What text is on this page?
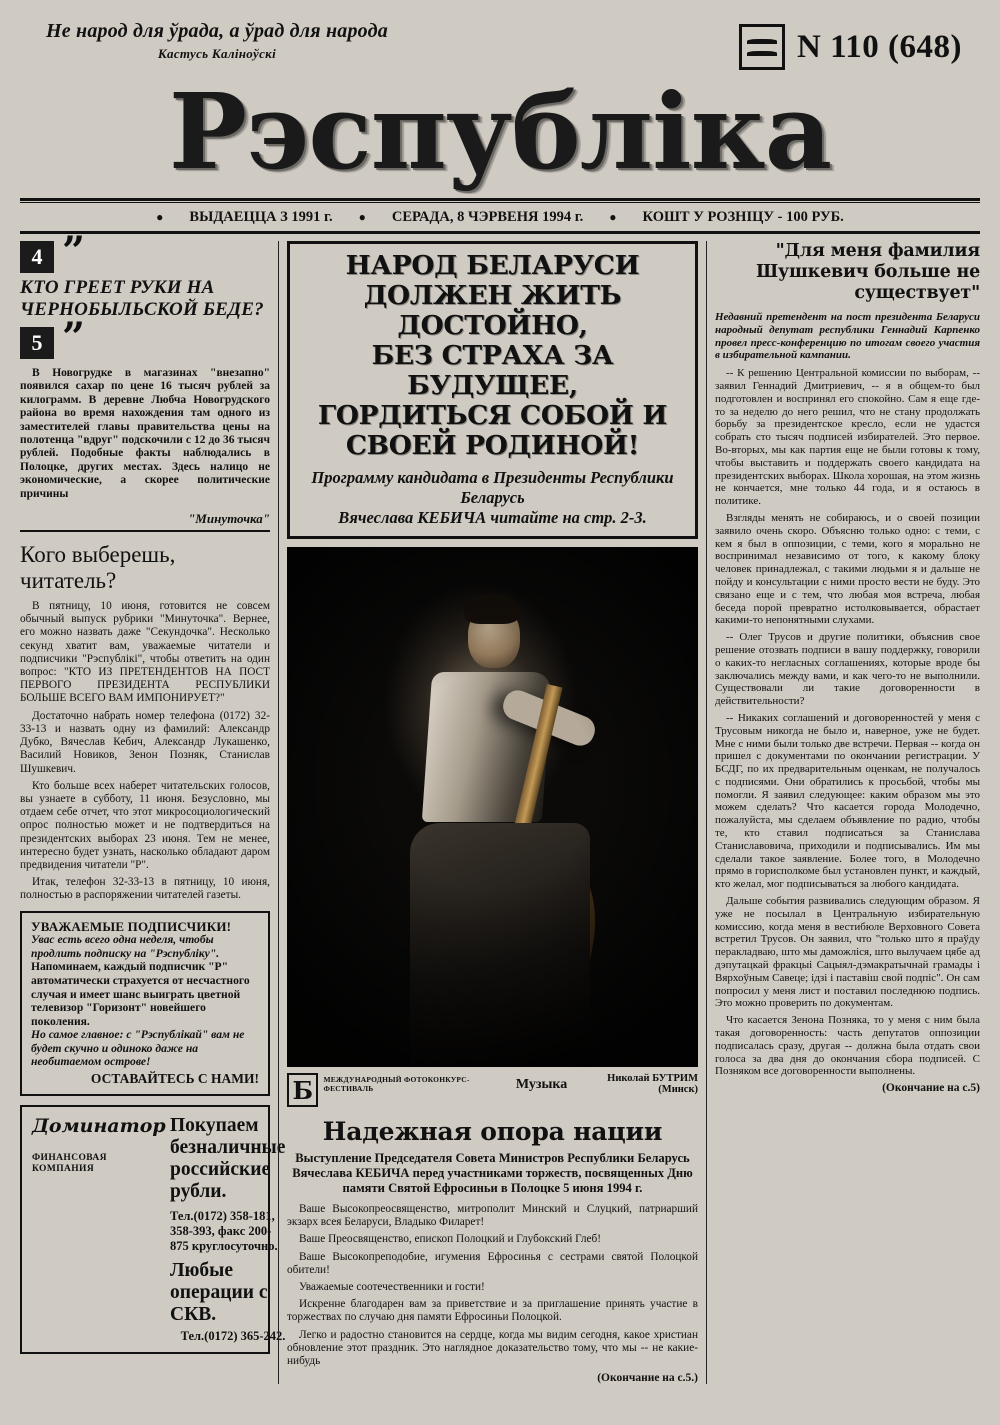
Не народ для ўрада, а ўрад для народа
Кастусь Каліноўскі	N 110 (648)
Рэспубліка
● ВЫДАЕЦЦА З 1991 г. ● СЕРАДА, 8 ЧЭРВЕНЯ 1994 г. ● КОШТ У РОЗНІЦУ - 100 РУБ.
4 ”
КТО ГРЕЕТ РУКИ НА ЧЕРНОБЫЛЬСКОЙ БЕДЕ?
5 ”
В Новогрудке в магазинах "внезапно" появился сахар по цене 16 тысяч рублей за килограмм. В деревне Любча Новогрудского района во время нахождения там одного из заместителей главы правительства цены на полотенца "вдруг" подскочили с 12 до 36 тысяч рублей. Подобные факты наблюдались в Полоцке, других местах. Здесь налицо не экономические, а скорее политические причины
"Минуточка"
Кого выберешь, читатель?

В пятницу, 10 июня, готовится не совсем обычный выпуск рубрики "Минуточка". Вернее, его можно назвать даже "Секундочка". Несколько секунд хватит вам, уважаемые читатели и подписчики "Рэспублікі", чтобы ответить на один вопрос: "КТО ИЗ ПРЕТЕНДЕНТОВ НА ПОСТ ПЕРВОГО ПРЕЗИДЕНТА РЕСПУБЛИКИ БОЛЬШЕ ВСЕГО ВАМ ИМПОНИРУЕТ?"

Достаточно набрать номер телефона (0172) 32-33-13 и назвать одну из фамилий: Александр Дубко, Вячеслав Кебич, Александр Лукашенко, Василий Новиков, Зенон Позняк, Станислав Шушкевич.

Кто больше всех наберет читательских голосов, вы узнаете в субботу, 11 июня. Безусловно, мы отдаем себе отчет, что этот микросоциологический опрос полностью может и не подтвердиться на президентских выборах 23 июня. Тем не менее, интересно будет узнать, насколько обладают даром предвидения читатели "Р".

Итак, телефон 32-33-13 в пятницу, 10 июня, полностью в распоряжении читателей газеты.

УВАЖАЕМЫЕ ПОДПИСЧИКИ!
Увас есть всего одна неделя, чтобы продлить подписку на "Рэспубліку".
Напоминаем, каждый подписчик "Р" автоматически страхуется от несчастного случая и имеет шанс выиграть цветной телевизор "Горизонт" новейшего поколения.
Но самое главное: с "Рэспублікай" вам не будет скучно и одиноко даже на необитаемом острове!
ОСТАВАЙТЕСЬ С НАМИ!
Доминатор
ФИНАНСОВАЯ КОМПАНИЯ
Покупаем безналичные российские рубли.
Тел.(0172) 358-181, 358-393, факс 200-875 круглосуточно.
Любые операции с СКВ.
Тел.(0172) 365-242.
НАРОД БЕЛАРУСИ ДОЛЖЕН ЖИТЬ ДОСТОЙНО,
БЕЗ СТРАХА ЗА БУДУЩЕЕ,
ГОРДИТЬСЯ СОБОЙ И СВОЕЙ РОДИНОЙ!
Программу кандидата в Президенты Республики Беларусь
Вячеслава КЕБИЧА читайте на стр. 2-3.
Б	МЕЖДУНАРОДНЫЙ ФОТОКОНКУРС-ФЕСТИВАЛЬ	Музыка	Николай БУТРИМ (Минск)
Надежная опора нации
Выступление Председателя Совета Министров Республики Беларусь Вячеслава КЕБИЧА перед участниками торжеств, посвященных Дню памяти Святой Ефросиньи в Полоцке 5 июня 1994 г.

Ваше Высокопреосвященство, митрополит Минский и Слуцкий, патриарший экзарх всея Беларуси, Владыко Филарет!

Ваше Преосвященство, епископ Полоцкий и Глубокский Глеб!

Ваше Высокопреподобие, игумения Ефросинья с сестрами святой Полоцкой обители!

Уважаемые соотечественники и гости!

Искренне благодарен вам за приветствие и за приглашение принять участие в торжествах по случаю дня памяти Ефросиньи Полоцкой.

Легко и радостно становится на сердце, когда мы видим сегодня, какое христиан обновление этот праздник. Это наглядное доказательство тому, что мы -- не какие-нибудь

(Окончание на с.5.)
"Для меня фамилия Шушкевич больше не существует"
Недавний претендент на пост президента Беларуси народный депутат республики Геннадий Карпенко провел пресс-конференцию по итогам своего участия в избирательной кампании.

-- К решению Центральной комиссии по выборам, -- заявил Геннадий Дмитриевич, -- я в общем-то был подготовлен и воспринял его спокойно. Сам я еще где-то за неделю до него решил, что не стану продолжать борьбу за президентское кресло, если не удастся собрать сто тысяч подписей избирателей. Это первое. Во-вторых, мы как партия еще не были готовы к тому, чтобы выставить и поддержать своего кандидата на президентских выборах. Школа хорошая, на этом жизнь не кончается, мне только 44 года, и я остаюсь в политике.

Взгляды менять не собираюсь, и о своей позиции заявило очень скоро. Объясню только одно: с теми, с кем я был в оппозиции, с теми, кого я морально не воспринимал независимо от того, к какому блоку человек принадлежал, с такими людьми я и дальше не пойду и консультации с ними просто вести не буду. Это связано еще и с тем, что любая моя встреча, любая беседа порой превратно истолковывается, обрастает какими-то непонятными слухами.

-- Олег Трусов и другие политики, объяснив свое решение отозвать подписи в вашу поддержку, говорили о каких-то негласных соглашениях, которые вроде бы заключались между вами, и как чего-то не выполнили. Существовали ли такие договоренности в действительности?

-- Никаких соглашений и договоренностей у меня с Трусовым никогда не было и, наверное, уже не будет. Мне с ними были только две встречи. Первая -- когда он пришел с документами по окончании регистрации. У БСДГ, по их предварительным оценкам, не получалось с подписями. Они обратились к просьбой, чтобы мы помогли. Я заявил следующее: каким образом мы это можем сделать? Что касается города Молодечно, пожалуйста, мы сделаем объявление по радио, чтобы те, кто ставил подписаться за Станислава Станиславовича, приходили и подписывались. Им мы сделали такое заявление. Более того, в Молодечно прямо в горисполкоме был установлен пункт, и каждый, кто желал, мог подписываться за любого кандидата.

Дальше события развивались следующим образом. Я уже не посылал в Центральную избирательную комиссию, когда меня в вестибюле Верховного Совета встретил Трусов. Он заявил, что "только што я праўду перакладваю, што мы даможліся, што вылучаем цябе ад дэпутацкай фракцыі Сацыял-дэмакратычнай грамады і Вярхоўным Савеце; ідзі і паставіш свой подпіс". Он сам попросил у меня лист и поставил последнюю подпись. Это можно проверить по документам.

Что касается Зенона Позняка, то у меня с ним была такая договоренность: часть депутатов оппозиции подписалась сразу, другая -- должна была отдать свои голоса за два дня до окончания сбора подписей. С Позняком все договоренности выполнены.

(Окончание на с.5)
